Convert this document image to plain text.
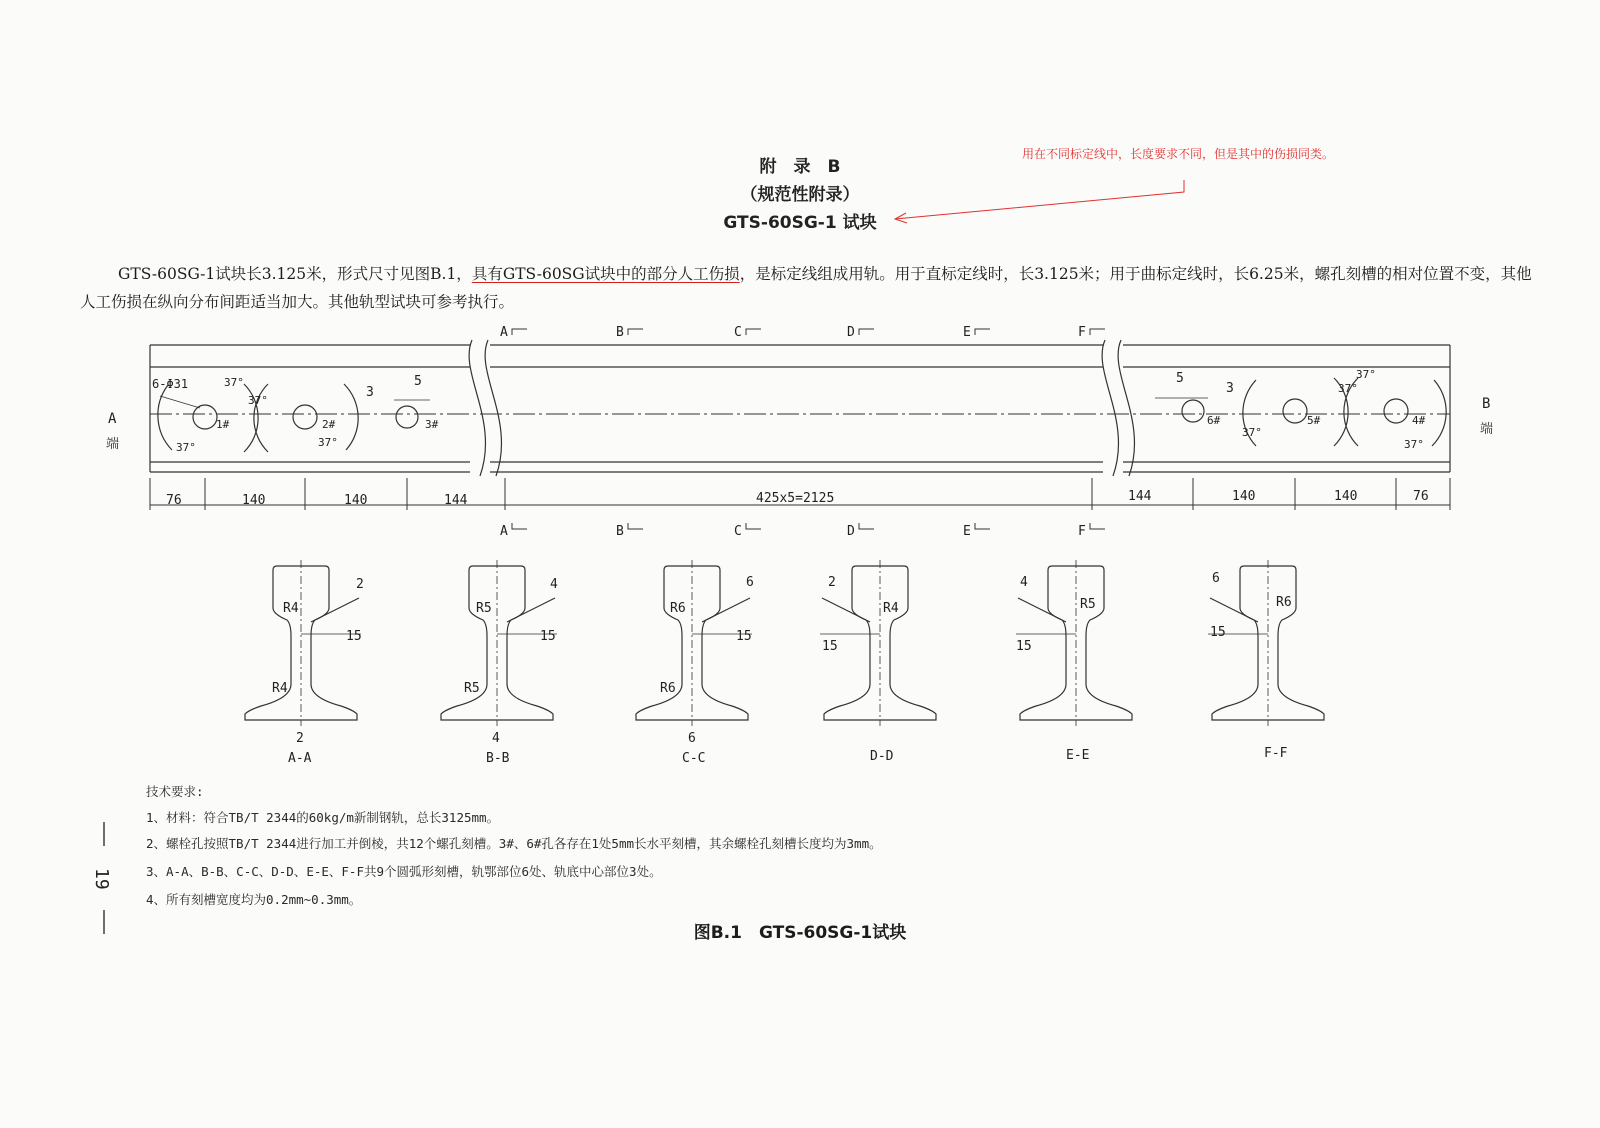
附　录　B
（规范性附录）
GTS-60SG-1 试块
用在不同标定线中，长度要求不同，但是其中的伤损同类。
GTS-60SG-1试块长3.125米，形式尺寸见图B.1，具有GTS-60SG试块中的部分人工伤损，是标定线组成用轨。用于直标定线时，长3.125米；用于曲标定线时，长6.25米，螺孔刻槽的相对位置不变，其他人工伤损在纵向分布间距适当加大。其他轨型试块可参考执行。
A
端
B
端
A	B	C	D	E	F
A	B	C	D	E	F
6-Φ31
1#	2#	3#	6#	5#	4#
37°
37°
37°	37°
37°
37°
37°
37°
3
5	5
3
76	140	140	144	425x5=2125	144	140	140	76
A-A	B-B	C-C	D-D	E-E	F-F
R4	R5	R6	R4	R5	R6
R4	R5	R6
2	4	6	2	4	6
2	4	6
15	15	15
15	15
15
技术要求:
1、材料：符合TB/T 2344的60kg/m新制钢轨，总长3125mm。
2、螺栓孔按照TB/T 2344进行加工并倒棱，共12个螺孔刻槽。3#、6#孔各存在1处5mm长水平刻槽，其余螺栓孔刻槽长度均为3mm。
3、A-A、B-B、C-C、D-D、E-E、F-F共9个圆弧形刻槽，轨鄂部位6处、轨底中心部位3处。
4、所有刻槽宽度均为0.2mm~0.3mm。
19
图B.1　GTS-60SG-1试块
